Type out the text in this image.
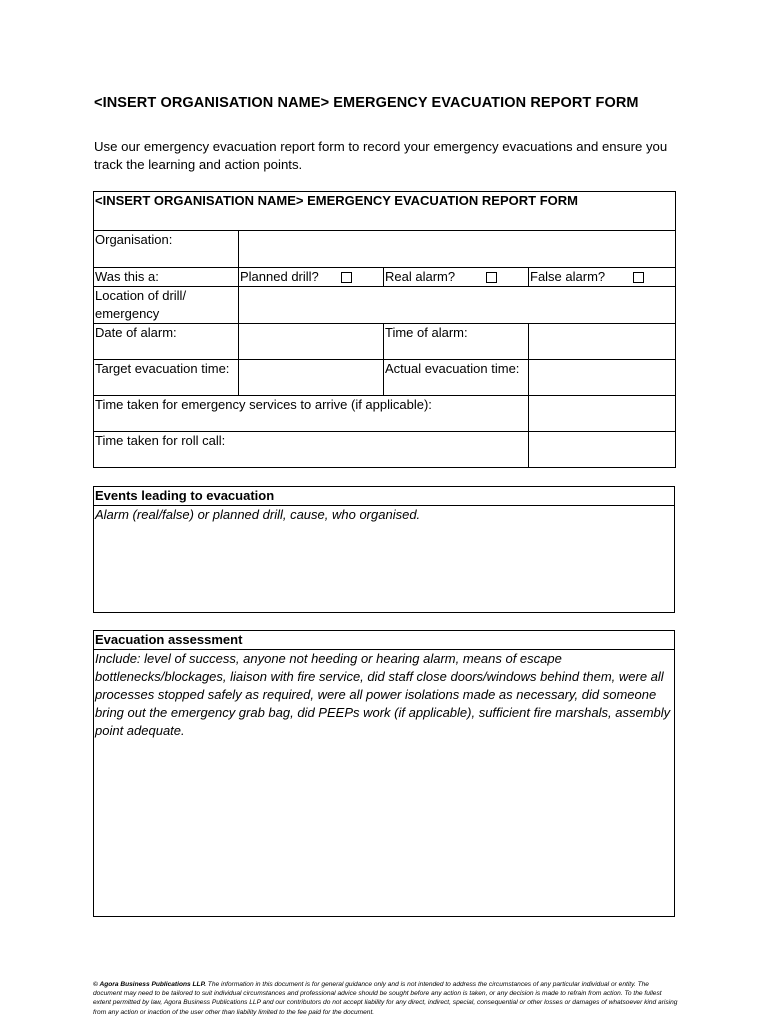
<INSERT ORGANISATION NAME> EMERGENCY EVACUATION REPORT FORM
Use our emergency evacuation report form to record your emergency evacuations and ensure you track the learning and action points.
<INSERT ORGANISATION NAME> EMERGENCY EVACUATION REPORT FORM			
Organisation:			
Was this a:	Planned drill?	Real alarm?	False alarm?

Location of drill/ emergency			
Date of alarm:		Time of alarm:	
Target evacuation time:		Actual evacuation time:	
Time taken for emergency services to arrive (if applicable):			
Time taken for roll call:			
Events leading to evacuation
Alarm (real/false) or planned drill, cause, who organised.
Evacuation assessment
Include: level of success, anyone not heeding or hearing alarm, means of escape bottlenecks/blockages, liaison with fire service, did staff close doors/windows behind them, were all processes stopped safely as required, were all power isolations made as necessary, did someone bring out the emergency grab bag, did PEEPs work (if applicable), sufficient fire marshals, assembly point adequate.
© Agora Business Publications LLP. The information in this document is for general guidance only and is not intended to address the circumstances of any particular individual or entity. The document may need to be tailored to suit individual circumstances and professional advice should be sought before any action is taken, or any decision is made to refrain from action. To the fullest extent permitted by law, Agora Business Publications LLP and our contributors do not accept liability for any direct, indirect, special, consequential or other losses or damages of whatsoever kind arising from any action or inaction of the user other than liability limited to the fee paid for the document.
